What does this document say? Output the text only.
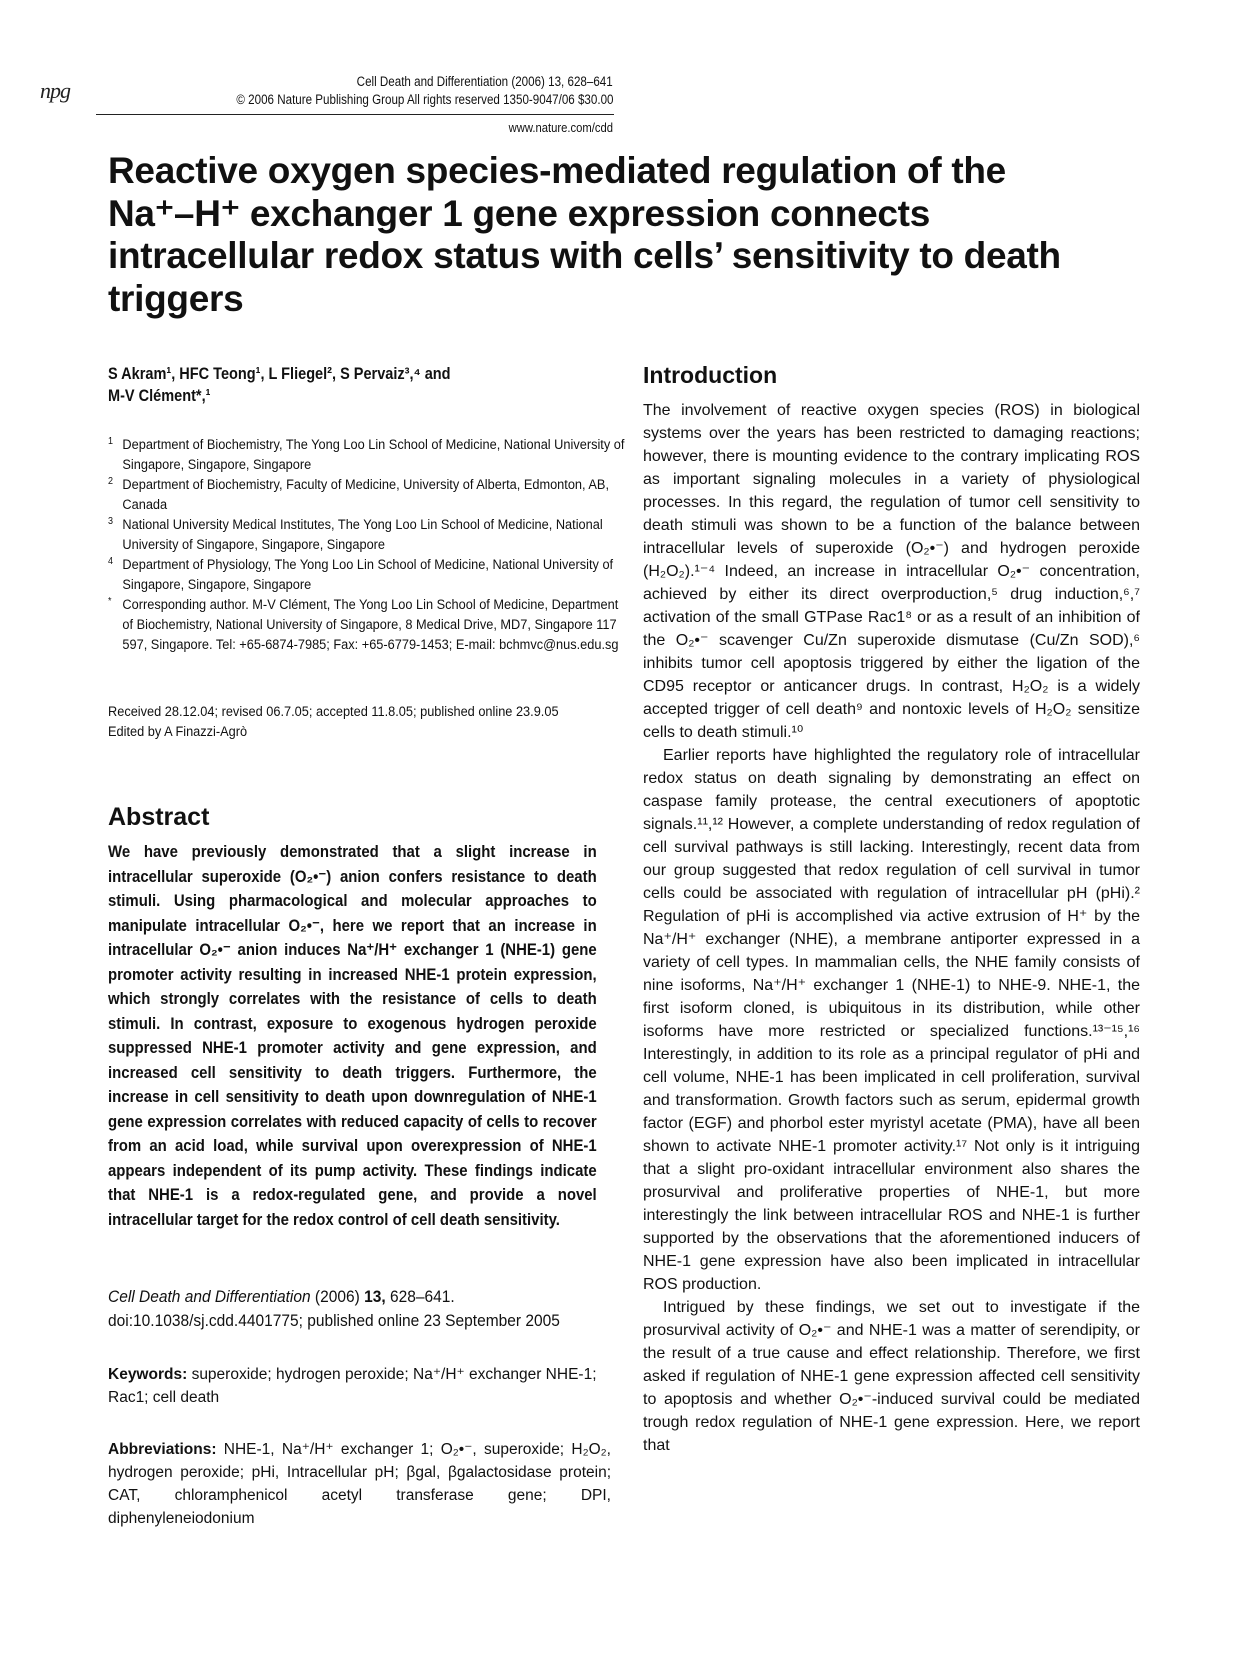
npg	Cell Death and Differentiation (2006) 13, 628–641
© 2006 Nature Publishing Group All rights reserved 1350-9047/06 $30.00
www.nature.com/cdd
Reactive oxygen species-mediated regulation of the
Na⁺–H⁺ exchanger 1 gene expression connects
intracellular redox status with cells’ sensitivity to death
triggers
S Akram¹, HFC Teong¹, L Fliegel², S Pervaiz³,⁴ and
M-V Clément*,¹
1 Department of Biochemistry, The Yong Loo Lin School of Medicine, National University of Singapore, Singapore, Singapore
2 Department of Biochemistry, Faculty of Medicine, University of Alberta, Edmonton, AB, Canada
3 National University Medical Institutes, The Yong Loo Lin School of Medicine, National University of Singapore, Singapore, Singapore
4 Department of Physiology, The Yong Loo Lin School of Medicine, National University of Singapore, Singapore, Singapore
* Corresponding author. M-V Clément, The Yong Loo Lin School of Medicine, Department of Biochemistry, National University of Singapore, 8 Medical Drive, MD7, Singapore 117 597, Singapore. Tel: +65-6874-7985; Fax: +65-6779-1453; E-mail: bchmvc@nus.edu.sg
Received 28.12.04; revised 06.7.05; accepted 11.8.05; published online 23.9.05
Edited by A Finazzi-Agrò
Abstract
We have previously demonstrated that a slight increase in intracellular superoxide (O₂•⁻) anion confers resistance to death stimuli. Using pharmacological and molecular approaches to manipulate intracellular O₂•⁻, here we report that an increase in intracellular O₂•⁻ anion induces Na⁺/H⁺ exchanger 1 (NHE-1) gene promoter activity resulting in increased NHE-1 protein expression, which strongly correlates with the resistance of cells to death stimuli. In contrast, exposure to exogenous hydrogen peroxide suppressed NHE-1 promoter activity and gene expression, and increased cell sensitivity to death triggers. Furthermore, the increase in cell sensitivity to death upon downregulation of NHE-1 gene expression correlates with reduced capacity of cells to recover from an acid load, while survival upon overexpression of NHE-1 appears independent of its pump activity. These findings indicate that NHE-1 is a redox-regulated gene, and provide a novel intracellular target for the redox control of cell death sensitivity.
Cell Death and Differentiation (2006) 13, 628–641.
doi:10.1038/sj.cdd.4401775; published online 23 September 2005
Keywords: superoxide; hydrogen peroxide; Na⁺/H⁺ exchanger NHE-1; Rac1; cell death
Abbreviations: NHE-1, Na⁺/H⁺ exchanger 1; O₂•⁻, superoxide; H₂O₂, hydrogen peroxide; pHi, Intracellular pH; βgal, βgalactosidase protein; CAT, chloramphenicol acetyl transferase gene; DPI, diphenyleneiodonium
Introduction

The involvement of reactive oxygen species (ROS) in biological systems over the years has been restricted to damaging reactions; however, there is mounting evidence to the contrary implicating ROS as important signaling molecules in a variety of physiological processes. In this regard, the regulation of tumor cell sensitivity to death stimuli was shown to be a function of the balance between intracellular levels of superoxide (O₂•⁻) and hydrogen peroxide (H₂O₂).¹⁻⁴ Indeed, an increase in intracellular O₂•⁻ concentration, achieved by either its direct overproduction,⁵ drug induction,⁶,⁷ activation of the small GTPase Rac1⁸ or as a result of an inhibition of the O₂•⁻ scavenger Cu/Zn superoxide dismutase (Cu/Zn SOD),⁶ inhibits tumor cell apoptosis triggered by either the ligation of the CD95 receptor or anticancer drugs. In contrast, H₂O₂ is a widely accepted trigger of cell death⁹ and nontoxic levels of H₂O₂ sensitize cells to death stimuli.¹⁰

Earlier reports have highlighted the regulatory role of intracellular redox status on death signaling by demonstrating an effect on caspase family protease, the central executioners of apoptotic signals.¹¹,¹² However, a complete understanding of redox regulation of cell survival pathways is still lacking. Interestingly, recent data from our group suggested that redox regulation of cell survival in tumor cells could be associated with regulation of intracellular pH (pHi).² Regulation of pHi is accomplished via active extrusion of H⁺ by the Na⁺/H⁺ exchanger (NHE), a membrane antiporter expressed in a variety of cell types. In mammalian cells, the NHE family consists of nine isoforms, Na⁺/H⁺ exchanger 1 (NHE-1) to NHE-9. NHE-1, the first isoform cloned, is ubiquitous in its distribution, while other isoforms have more restricted or specialized functions.¹³⁻¹⁵,¹⁶ Interestingly, in addition to its role as a principal regulator of pHi and cell volume, NHE-1 has been implicated in cell proliferation, survival and transformation. Growth factors such as serum, epidermal growth factor (EGF) and phorbol ester myristyl acetate (PMA), have all been shown to activate NHE-1 promoter activity.¹⁷ Not only is it intriguing that a slight pro-oxidant intracellular environment also shares the prosurvival and proliferative properties of NHE-1, but more interestingly the link between intracellular ROS and NHE-1 is further supported by the observations that the aforementioned inducers of NHE-1 gene expression have also been implicated in intracellular ROS production.

Intrigued by these findings, we set out to investigate if the prosurvival activity of O₂•⁻ and NHE-1 was a matter of serendipity, or the result of a true cause and effect relationship. Therefore, we first asked if regulation of NHE-1 gene expression affected cell sensitivity to apoptosis and whether O₂•⁻-induced survival could be mediated trough redox regulation of NHE-1 gene expression. Here, we report that
